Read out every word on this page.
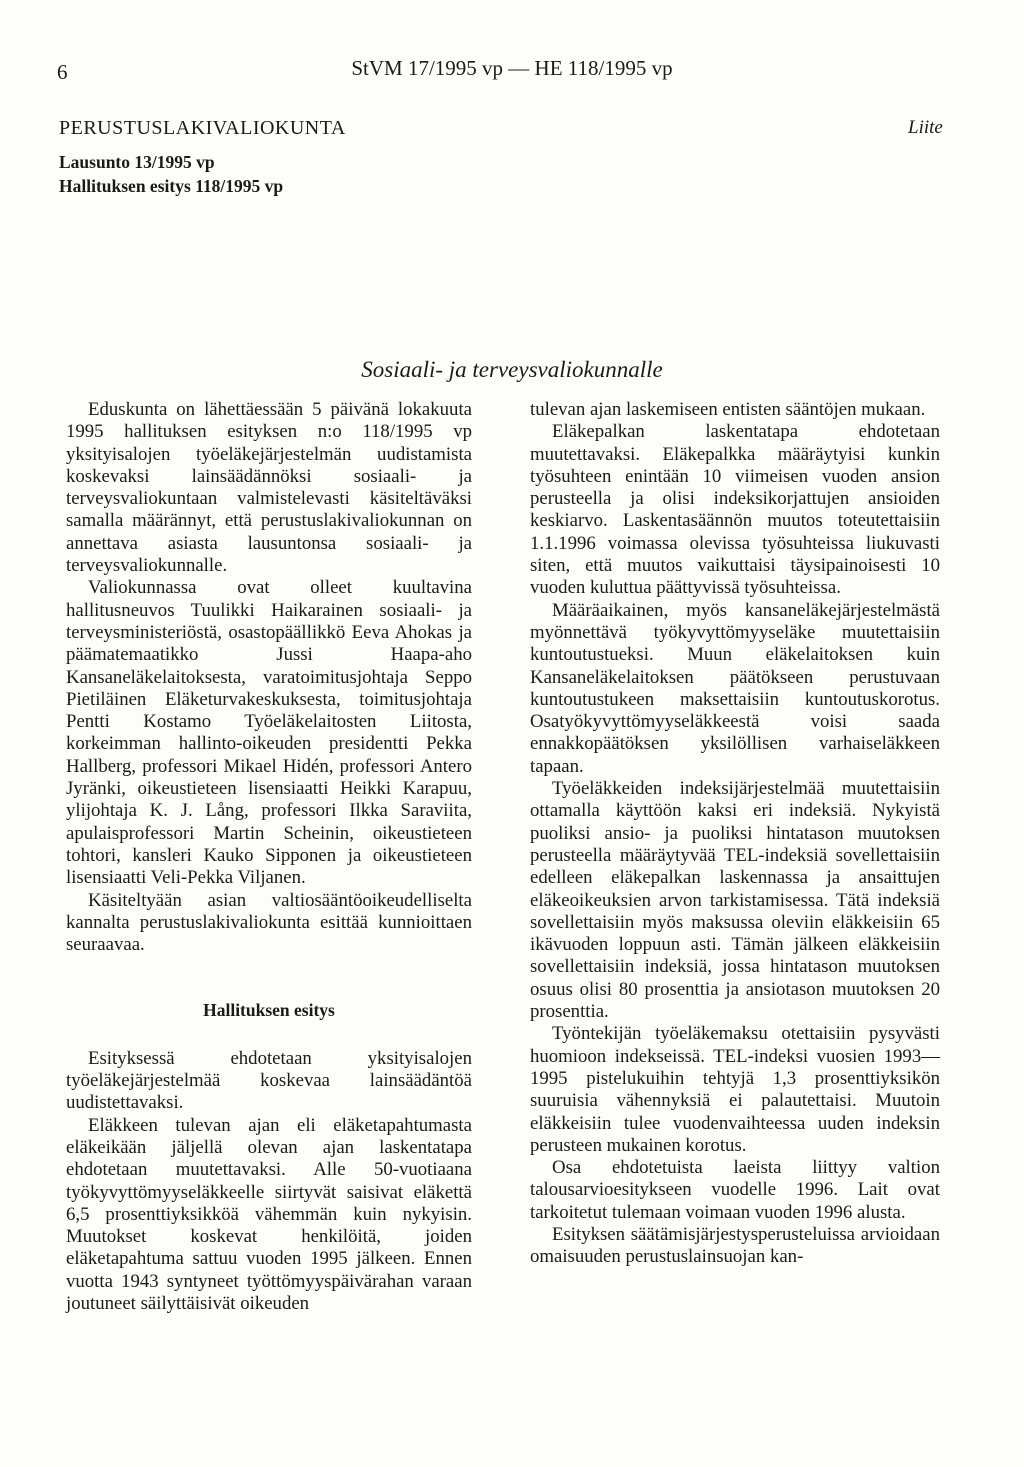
6	StVM 17/1995 vp — HE 118/1995 vp
PERUSTUSLAKIVALIOKUNTA	Liite
Lausunto 13/1995 vp
Hallituksen esitys 118/1995 vp
Sosiaali- ja terveysvaliokunnalle

Eduskunta on lähettäessään 5 päivänä lokakuuta 1995 hallituksen esityksen n:o 118/1995 vp yksityisalojen työeläkejärjestelmän uudistamista koskevaksi lainsäädännöksi sosiaali- ja terveysvaliokuntaan valmistelevasti käsiteltäväksi samalla määrännyt, että perustuslakivaliokunnan on annettava asiasta lausuntonsa sosiaali- ja terveysvaliokunnalle.

Valiokunnassa ovat olleet kuultavina hallitusneuvos Tuulikki Haikarainen sosiaali- ja terveysministeriöstä, osastopäällikkö Eeva Ahokas ja päämatemaatikko Jussi Haapa-aho Kansaneläkelaitoksesta, varatoimitusjohtaja Seppo Pietiläinen Eläketurvakeskuksesta, toimitusjohtaja Pentti Kostamo Työeläkelaitosten Liitosta, korkeimman hallinto-oikeuden presidentti Pekka Hallberg, professori Mikael Hidén, professori Antero Jyränki, oikeustieteen lisensiaatti Heikki Karapuu, ylijohtaja K. J. Lång, professori Ilkka Saraviita, apulaisprofessori Martin Scheinin, oikeustieteen tohtori, kansleri Kauko Sipponen ja oikeustieteen lisensiaatti Veli-Pekka Viljanen.

Käsiteltyään asian valtiosääntöoikeudelliselta kannalta perustuslakivaliokunta esittää kunnioittaen seuraavaa.

Hallituksen esitys

Esityksessä ehdotetaan yksityisalojen työeläkejärjestelmää koskevaa lainsäädäntöä uudistettavaksi.

Eläkkeen tulevan ajan eli eläketapahtumasta eläkeikään jäljellä olevan ajan laskentatapa ehdotetaan muutettavaksi. Alle 50-vuotiaana työkyvyttömyyseläkkeelle siirtyvät saisivat eläkettä 6,5 prosenttiyksikköä vähemmän kuin nykyisin. Muutokset koskevat henkilöitä, joiden eläketapahtuma sattuu vuoden 1995 jälkeen. Ennen vuotta 1943 syntyneet työttömyyspäivärahan varaan joutuneet säilyttäisivät oikeuden

tulevan ajan laskemiseen entisten sääntöjen mukaan.

Eläkepalkan laskentatapa ehdotetaan muutettavaksi. Eläkepalkka määräytyisi kunkin työsuhteen enintään 10 viimeisen vuoden ansion perusteella ja olisi indeksikorjattujen ansioiden keskiarvo. Laskentasäännön muutos toteutettaisiin 1.1.1996 voimassa olevissa työsuhteissa liukuvasti siten, että muutos vaikuttaisi täysipainoisesti 10 vuoden kuluttua päättyvissä työsuhteissa.

Määräaikainen, myös kansaneläkejärjestelmästä myönnettävä työkyvyttömyyseläke muutettaisiin kuntoutustueksi. Muun eläkelaitoksen kuin Kansaneläkelaitoksen päätökseen perustuvaan kuntoutustukeen maksettaisiin kuntoutuskorotus. Osatyökyvyttömyyseläkkeestä voisi saada ennakkopäätöksen yksilöllisen varhaiseläkkeen tapaan.

Työeläkkeiden indeksijärjestelmää muutettaisiin ottamalla käyttöön kaksi eri indeksiä. Nykyistä puoliksi ansio- ja puoliksi hintatason muutoksen perusteella määräytyvää TEL-indeksiä sovellettaisiin edelleen eläkepalkan laskennassa ja ansaittujen eläkeoikeuksien arvon tarkistamisessa. Tätä indeksiä sovellettaisiin myös maksussa oleviin eläkkeisiin 65 ikävuoden loppuun asti. Tämän jälkeen eläkkeisiin sovellettaisiin indeksiä, jossa hintatason muutoksen osuus olisi 80 prosenttia ja ansiotason muutoksen 20 prosenttia.

Työntekijän työeläkemaksu otettaisiin pysyvästi huomioon indekseissä. TEL-indeksi vuosien 1993—1995 pistelukuihin tehtyjä 1,3 prosenttiyksikön suuruisia vähennyksiä ei palautettaisi. Muutoin eläkkeisiin tulee vuodenvaihteessa uuden indeksin perusteen mukainen korotus.

Osa ehdotetuista laeista liittyy valtion talousarvioesitykseen vuodelle 1996. Lait ovat tarkoitetut tulemaan voimaan vuoden 1996 alusta.

Esityksen säätämisjärjestysperusteluissa arvioidaan omaisuuden perustuslainsuojan kan-
